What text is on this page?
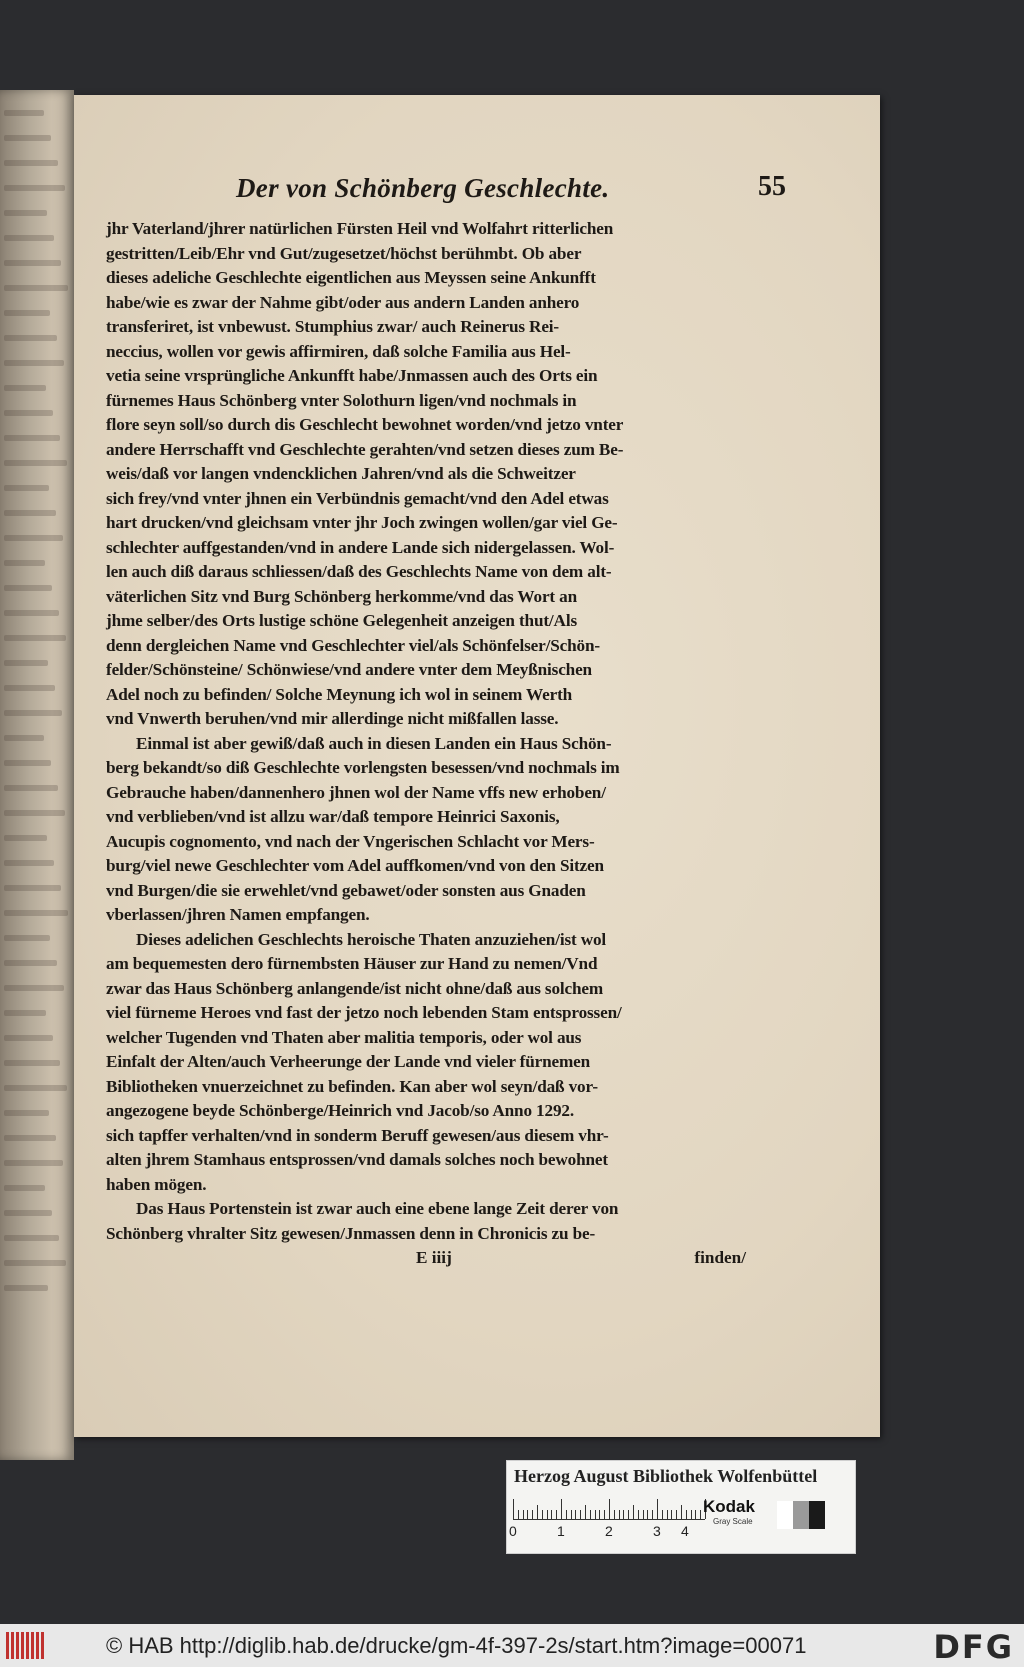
Der von Schönberg Geschlechte.	55
jhr Vaterland/jhrer natürlichen Fürsten Heil vnd Wolfahrt ritterlichen
gestritten/Leib/Ehr vnd Gut/zugesetzet/höchst berühmbt. Ob aber
dieses adeliche Geschlechte eigentlichen aus Meyssen seine Ankunfft
habe/wie es zwar der Nahme gibt/oder aus andern Landen anhero
transferiret, ist vnbewust. Stumphius zwar/ auch Reinerus Rei-
neccius, wollen vor gewis affirmiren, daß solche Familia aus Hel-
vetia seine vrsprüngliche Ankunfft habe/Jnmassen auch des Orts ein
fürnemes Haus Schönberg vnter Solothurn ligen/vnd nochmals in
flore seyn soll/so durch dis Geschlecht bewohnet worden/vnd jetzo vnter
andere Herrschafft vnd Geschlechte gerahten/vnd setzen dieses zum Be-
weis/daß vor langen vndencklichen Jahren/vnd als die Schweitzer
sich frey/vnd vnter jhnen ein Verbündnis gemacht/vnd den Adel etwas
hart drucken/vnd gleichsam vnter jhr Joch zwingen wollen/gar viel Ge-
schlechter auffgestanden/vnd in andere Lande sich nidergelassen. Wol-
len auch diß daraus schliessen/daß des Geschlechts Name von dem alt-
väterlichen Sitz vnd Burg Schönberg herkomme/vnd das Wort an
jhme selber/des Orts lustige schöne Gelegenheit anzeigen thut/Als
denn dergleichen Name vnd Geschlechter viel/als Schönfelser/Schön-
felder/Schönsteine/ Schönwiese/vnd andere vnter dem Meyßnischen
Adel noch zu befinden/ Solche Meynung ich wol in seinem Werth
vnd Vnwerth beruhen/vnd mir allerdinge nicht mißfallen lasse.
Einmal ist aber gewiß/daß auch in diesen Landen ein Haus Schön-
berg bekandt/so diß Geschlechte vorlengsten besessen/vnd nochmals im
Gebrauche haben/dannenhero jhnen wol der Name vffs new erhoben/
vnd verblieben/vnd ist allzu war/daß tempore Heinrici Saxonis,
Aucupis cognomento, vnd nach der Vngerischen Schlacht vor Mers-
burg/viel newe Geschlechter vom Adel auffkomen/vnd von den Sitzen
vnd Burgen/die sie erwehlet/vnd gebawet/oder sonsten aus Gnaden
vberlassen/jhren Namen empfangen.
Dieses adelichen Geschlechts heroische Thaten anzuziehen/ist wol
am bequemesten dero fürnembsten Häuser zur Hand zu nemen/Vnd
zwar das Haus Schönberg anlangende/ist nicht ohne/daß aus solchem
viel fürneme Heroes vnd fast der jetzo noch lebenden Stam entsprossen/
welcher Tugenden vnd Thaten aber malitia temporis, oder wol aus
Einfalt der Alten/auch Verheerunge der Lande vnd vieler fürnemen
Bibliotheken vnuerzeichnet zu befinden. Kan aber wol seyn/daß vor-
angezogene beyde Schönberge/Heinrich vnd Jacob/so Anno 1292.
sich tapffer verhalten/vnd in sonderm Beruff gewesen/aus diesem vhr-
alten jhrem Stamhaus entsprossen/vnd damals solches noch bewohnet
haben mögen.
Das Haus Portenstein ist zwar auch eine ebene lange Zeit derer von
Schönberg vhralter Sitz gewesen/Jnmassen denn in Chronicis zu be-
E iiij	finden/
Herzog August Bibliothek Wolfenbüttel
0	1	2	3 4
Kodak
Gray Scale
© HAB http://diglib.hab.de/drucke/gm-4f-397-2s/start.htm?image=00071	DFG
